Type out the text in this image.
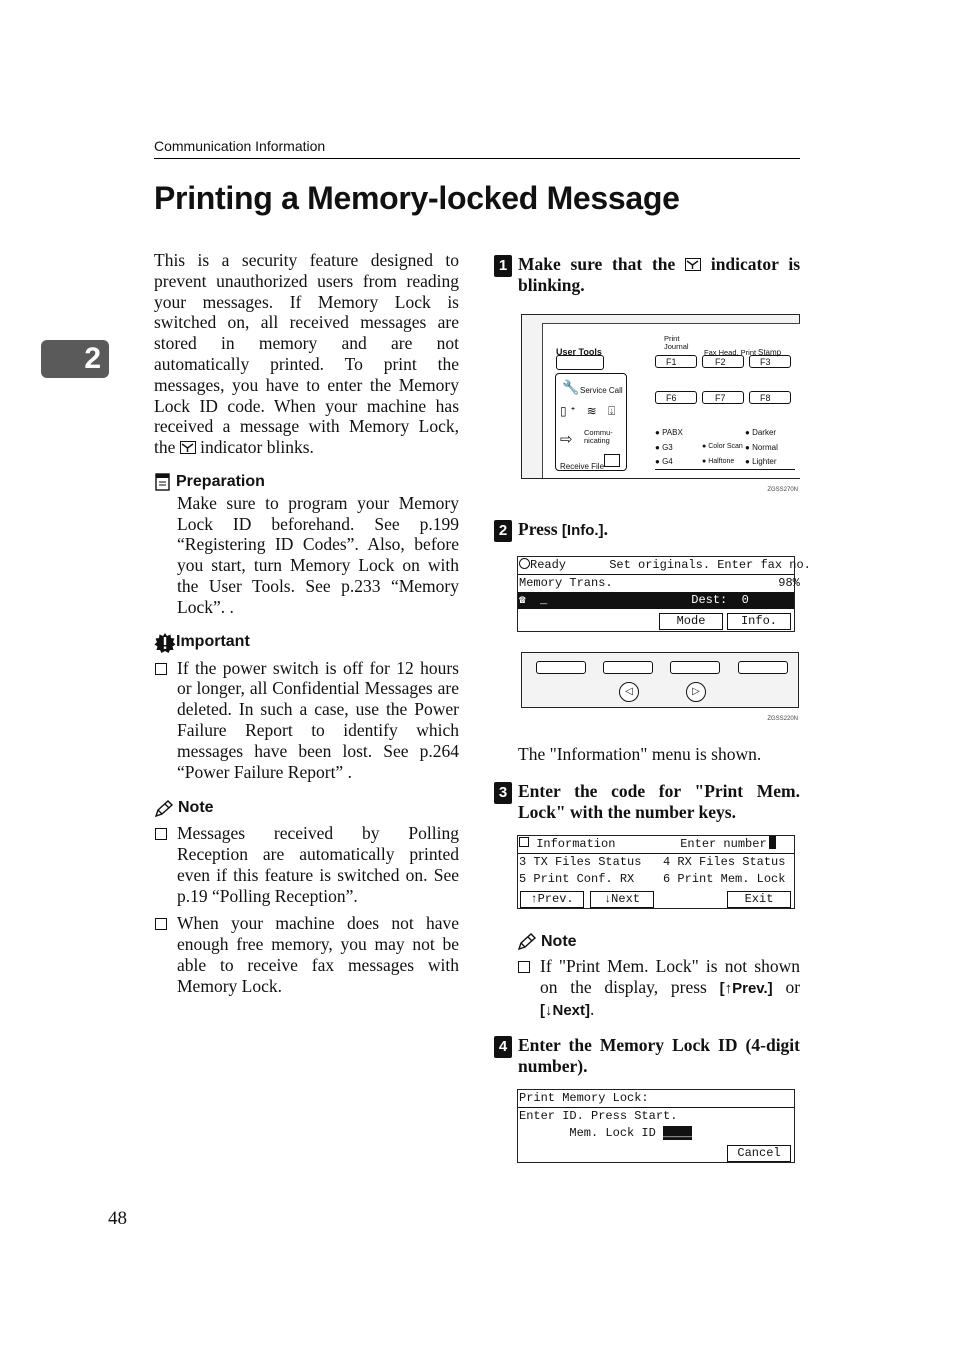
Communication Information
2
Printing a Memory-locked Message

This is a security feature designed to prevent unauthorized users from reading your messages. If Memory Lock is switched on, all received messages are stored in memory and are not automatically printed. To print the messages, you have to enter the Memory Lock ID code. When your machine has received a message with Memory Lock, the indicator blinks.

Preparation

Make sure to program your Memory Lock ID beforehand. See p.199 “Registering ID Codes”. Also, before you start, turn Memory Lock on with the User Tools. See p.233 “Memory Lock”. .

Important
If the power switch is off for 12 hours or longer, all Confidential Messages are deleted. In such a case, use the Power Failure Report to identify which messages have been lost. See p.264 “Power Failure Report” .
Note
Messages received by Polling Reception are automatically printed even if this feature is switched on. See p.19 “Polling Reception”.
When your machine does not have enough free memory, you may not be able to receive fax messages with Memory Lock.
1 Make sure that the indicator is blinking.
User Tools
🔧 Service Call
▯ᐩ ≋ ⍗
⇨ Commu- nicating
Receive File
Print Journal
Fax Head. Print Stamp
F1	F2	F3
F6	F7	F8
● PABX
● G3
● G4
● Color Scan
● Halftone
● Darker
● Normal
● Lighter
ZGSS270N
2 Press [Info.].
Ready      Set originals. Enter fax no.
Memory Trans.                       98%
☎  _                    Dest:  0
Mode	Info.
◁	▷
ZGSS220N
The "Information" menu is shown.
3 Enter the code for "Print Mem. Lock" with the number keys.
Information         Enter number
3 TX Files Status   4 RX Files Status
5 Print Conf. RX    6 Print Mem. Lock
↑Prev.	↓Next	Exit
Note
If "Print Mem. Lock" is not shown on the display, press [↑Prev.] or [↓Next].
4 Enter the Memory Lock ID (4-digit number).
Print Memory Lock:
Enter ID. Press Start.
Mem. Lock ID ____
Cancel
48
